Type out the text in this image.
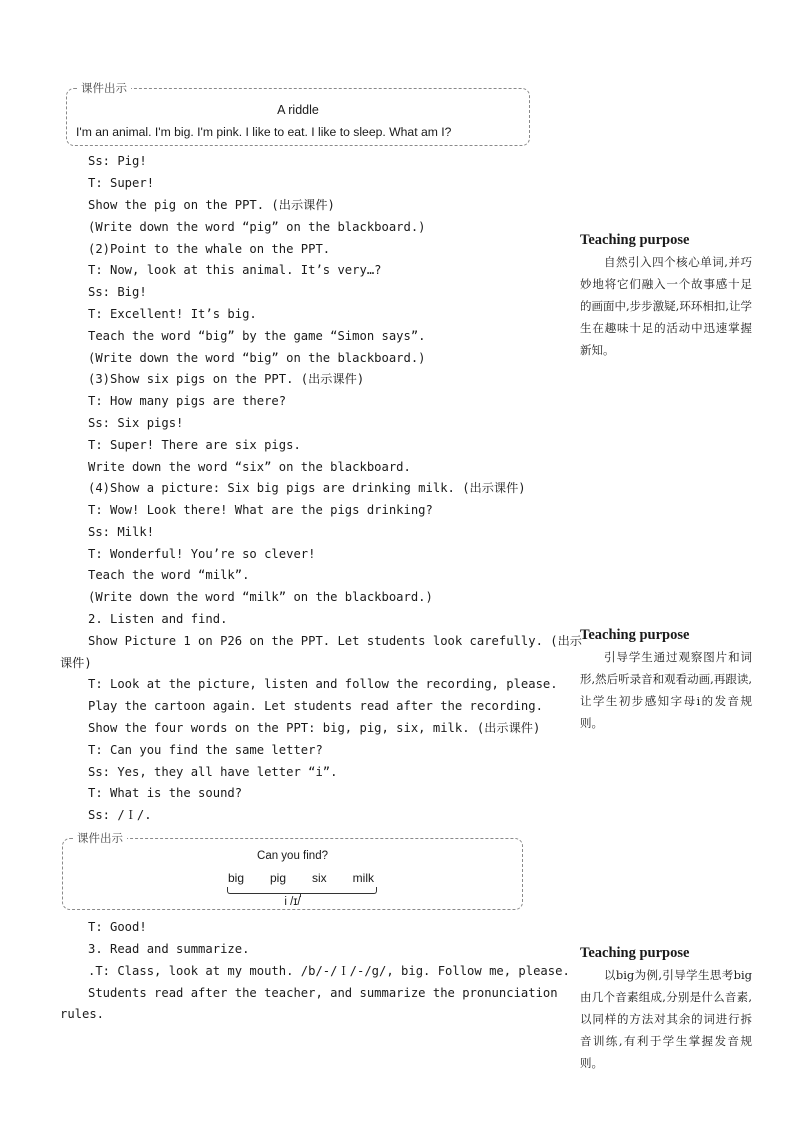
课件出示
A riddle
I'm an animal. I'm big. I'm pink. I like to eat. I like to sleep. What am I?
Ss: Pig!
T: Super!
Show the pig on the PPT. (出示课件)
(Write down the word “pig” on the blackboard.)
(2)Point to the whale on the PPT.
T: Now, look at this animal. It’s very…?
Ss: Big!
T: Excellent! It’s big.
Teach the word “big” by the game “Simon says”.
(Write down the word “big” on the blackboard.)
(3)Show six pigs on the PPT. (出示课件)
T: How many pigs are there?
Ss: Six pigs!
T: Super! There are six pigs.
Write down the word “six” on the blackboard.
(4)Show a picture: Six big pigs are drinking milk. (出示课件)
T: Wow! Look there! What are the pigs drinking?
Ss: Milk!
T: Wonderful! You’re so clever!
Teach the word “milk”.
(Write down the word “milk” on the blackboard.)
2. Listen and find.
Show Picture 1 on P26 on the PPT. Let students look carefully. (出示
课件)
T: Look at the picture, listen and follow the recording, please.
Play the cartoon again. Let students read after the recording.
Show the four words on the PPT: big, pig, six, milk. (出示课件)
T: Can you find the same letter?
Ss: Yes, they all have letter “i”.
T: What is the sound?
Ss: /Ｉ/.
课件出示
Can you find?
big pig six milk
i /ɪ/
T: Good!
3. Read and summarize.
.T: Class, look at my mouth. /b/-/Ｉ/-/g/, big. Follow me, please.
Students read after the teacher, and summarize the pronunciation
rules.
Teaching purpose
自然引入四个核心单词,并巧妙地将它们融入一个故事感十足的画面中,步步激疑,环环相扣,让学生在趣味十足的活动中迅速掌握新知。
Teaching purpose
引导学生通过观察图片和词形,然后听录音和观看动画,再跟读,让学生初步感知字母i的发音规则。
Teaching purpose
以big为例,引导学生思考big由几个音素组成,分别是什么音素,以同样的方法对其余的词进行拆音训练,有利于学生掌握发音规则。
